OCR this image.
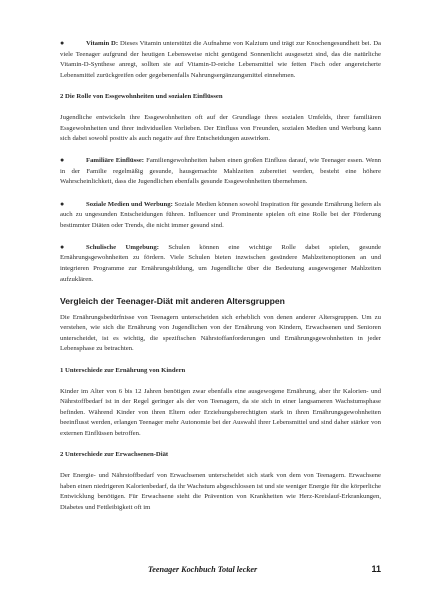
●	Vitamin D: Dieses Vitamin unterstützt die Aufnahme von Kalzium und trägt zur Knochengesundheit bei. Da viele Teenager aufgrund der heutigen Lebensweise nicht genügend Sonnenlicht ausgesetzt sind, das die natürliche Vitamin-D-Synthese anregt, sollten sie auf Vitamin-D-reiche Lebensmittel wie fetten Fisch oder angereicherte Lebensmittel zurückgreifen oder gegebenenfalls Nahrungsergänzungsmittel einnehmen.

2 Die Rolle von Essgewohnheiten und sozialen Einflüssen

Jugendliche entwickeln ihre Essgewohnheiten oft auf der Grundlage ihres sozialen Umfelds, ihrer familiären Essgewohnheiten und ihrer individuellen Vorlieben. Der Einfluss von Freunden, sozialen Medien und Werbung kann sich dabei sowohl positiv als auch negativ auf ihre Entscheidungen auswirken.

●	Familiäre Einflüsse: Familiengewohnheiten haben einen großen Einfluss darauf, wie Teenager essen. Wenn in der Familie regelmäßig gesunde, hausgemachte Mahlzeiten zubereitet werden, besteht eine höhere Wahrscheinlichkeit, dass die Jugendlichen ebenfalls gesunde Essgewohnheiten übernehmen.

●	Soziale Medien und Werbung: Soziale Medien können sowohl Inspiration für gesunde Ernährung liefern als auch zu ungesunden Entscheidungen führen. Influencer und Prominente spielen oft eine Rolle bei der Förderung bestimmter Diäten oder Trends, die nicht immer gesund sind.

●	Schulische Umgebung: Schulen können eine wichtige Rolle dabei spielen, gesunde Ernährungsgewohnheiten zu fördern. Viele Schulen bieten inzwischen gesündere Mahlzeitenoptionen an und integrieren Programme zur Ernährungsbildung, um Jugendliche über die Bedeutung ausgewogener Mahlzeiten aufzuklären.

Vergleich der Teenager-Diät mit anderen Altersgruppen

Die Ernährungsbedürfnisse von Teenagern unterscheiden sich erheblich von denen anderer Altersgruppen. Um zu verstehen, wie sich die Ernährung von Jugendlichen von der Ernährung von Kindern, Erwachsenen und Senioren unterscheidet, ist es wichtig, die spezifischen Nährstoffanforderungen und Ernährungsgewohnheiten in jeder Lebensphase zu betrachten.

1 Unterschiede zur Ernährung von Kindern

Kinder im Alter von 6 bis 12 Jahren benötigen zwar ebenfalls eine ausgewogene Ernährung, aber ihr Kalorien- und Nährstoffbedarf ist in der Regel geringer als der von Teenagern, da sie sich in einer langsameren Wachstumsphase befinden. Während Kinder von ihren Eltern oder Erziehungsberechtigten stark in ihren Ernährungsgewohnheiten beeinflusst werden, erlangen Teenager mehr Autonomie bei der Auswahl ihrer Lebensmittel und sind daher stärker von externen Einflüssen betroffen.

2 Unterschiede zur Erwachsenen-Diät

Der Energie- und Nährstoffbedarf von Erwachsenen unterscheidet sich stark von dem von Teenagern. Erwachsene haben einen niedrigeren Kalorienbedarf, da ihr Wachstum abgeschlossen ist und sie weniger Energie für die körperliche Entwicklung benötigen. Für Erwachsene steht die Prävention von Krankheiten wie Herz-Kreislauf-Erkrankungen, Diabetes und Fettleibigkeit oft im

Teenager Kochbuch Total lecker	11
